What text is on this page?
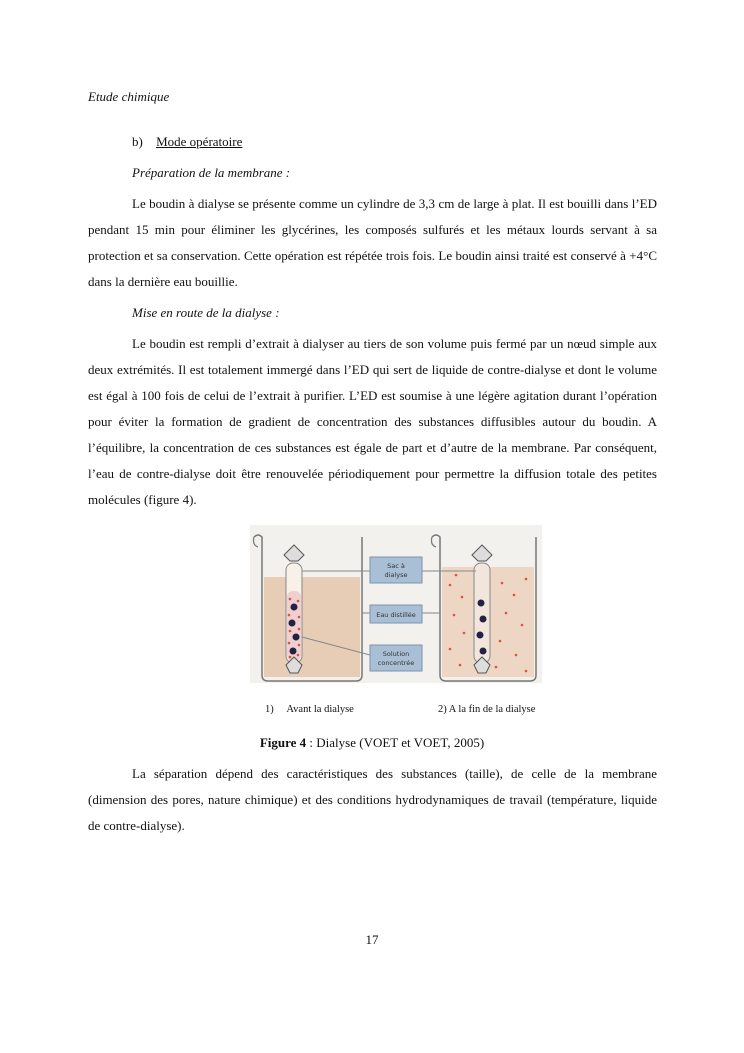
Etude chimique
b) Mode opératoire
Préparation de la membrane :

Le boudin à dialyse se présente comme un cylindre de 3,3 cm de large à plat. Il est bouilli dans l’ED pendant 15 min pour éliminer les glycérines, les composés sulfurés et les métaux lourds servant à sa protection et sa conservation. Cette opération est répétée trois fois. Le boudin ainsi traité est conservé à +4°C dans la dernière eau bouillie.

Mise en route de la dialyse :

Le boudin est rempli d’extrait à dialyser au tiers de son volume puis fermé par un nœud simple aux deux extrémités. Il est totalement immergé dans l’ED qui sert de liquide de contre-dialyse et dont le volume est égal à 100 fois de celui de l’extrait à purifier. L’ED est soumise à une légère agitation durant l’opération pour éviter la formation de gradient de concentration des substances diffusibles autour du boudin. A l’équilibre, la concentration de ces substances est égale de part et d’autre de la membrane. Par conséquent, l’eau de contre-dialyse doit être renouvelée périodiquement pour permettre la diffusion totale des petites molécules (figure 4).

Sac à
dialyse
Eau distillée
Solution
concentrée
1) Avant la dialyse	2) A la fin de la dialyse
Figure 4 : Dialyse (VOET et VOET, 2005)

La séparation dépend des caractéristiques des substances (taille), de celle de la membrane (dimension des pores, nature chimique) et des conditions hydrodynamiques de travail (température, liquide de contre-dialyse).

17
